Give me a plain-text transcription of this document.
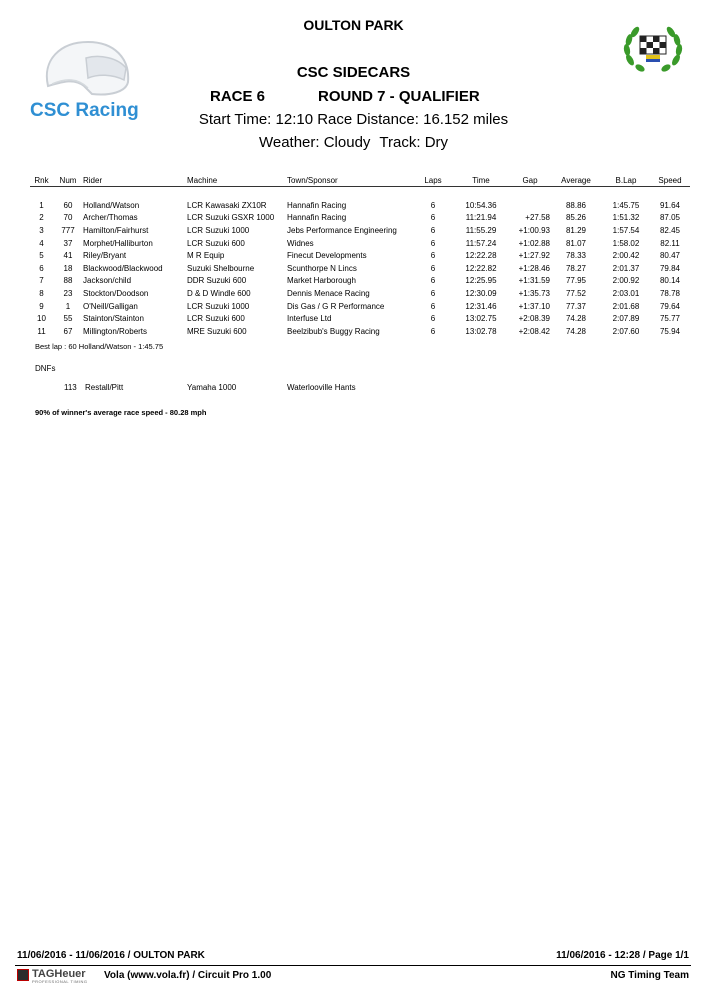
OULTON PARK
CSC Racing
CSC SIDECARS
RACE 6	ROUND 7 - QUALIFIER
Start Time: 12:10 Race Distance: 16.152 miles
Weather: Cloudy Track: Dry
Rnk	Num	Rider	Machine	Town/Sponsor	Laps	Time	Gap	Average	B.Lap	Speed

1	60	Holland/Watson	LCR Kawasaki ZX10R	Hannafin Racing	6	10:54.36		88.86	1:45.75	91.64
2	70	Archer/Thomas	LCR Suzuki GSXR 1000	Hannafin Racing	6	11:21.94	+27.58	85.26	1:51.32	87.05
3	777	Hamilton/Fairhurst	LCR Suzuki 1000	Jebs Performance Engineering	6	11:55.29	+1:00.93	81.29	1:57.54	82.45
4	37	Morphet/Halliburton	LCR Suzuki 600	Widnes	6	11:57.24	+1:02.88	81.07	1:58.02	82.11
5	41	Riley/Bryant	M R Equip	Finecut Developments	6	12:22.28	+1:27.92	78.33	2:00.42	80.47
6	18	Blackwood/Blackwood	Suzuki Shelbourne	Scunthorpe N Lincs	6	12:22.82	+1:28.46	78.27	2:01.37	79.84
7	88	Jackson/child	DDR Suzuki 600	Market Harborough	6	12:25.95	+1:31.59	77.95	2:00.92	80.14
8	23	Stockton/Doodson	D & D Windle 600	Dennis Menace Racing	6	12:30.09	+1:35.73	77.52	2:03.01	78.78
9	1	O'Neill/Galligan	LCR Suzuki 1000	Dis Gas / G R Performance	6	12:31.46	+1:37.10	77.37	2:01.68	79.64
10	55	Stainton/Stainton	LCR Suzuki 600	Interfuse Ltd	6	13:02.75	+2:08.39	74.28	2:07.89	75.77
11	67	Millington/Roberts	MRE Suzuki 600	Beelzibub's Buggy Racing	6	13:02.78	+2:08.42	74.28	2:07.60	75.94
Best lap : 60 Holland/Watson - 1:45.75
DNFs
113 Restall/Pitt	Yamaha 1000	Waterlooville Hants
90% of winner's average race speed - 80.28 mph
11/06/2016 - 11/06/2016 / OULTON PARK	11/06/2016 - 12:28 / Page 1/1
TAGHeuer
PROFESSIONAL TIMING
Vola (www.vola.fr) / Circuit Pro 1.00	NG Timing Team
